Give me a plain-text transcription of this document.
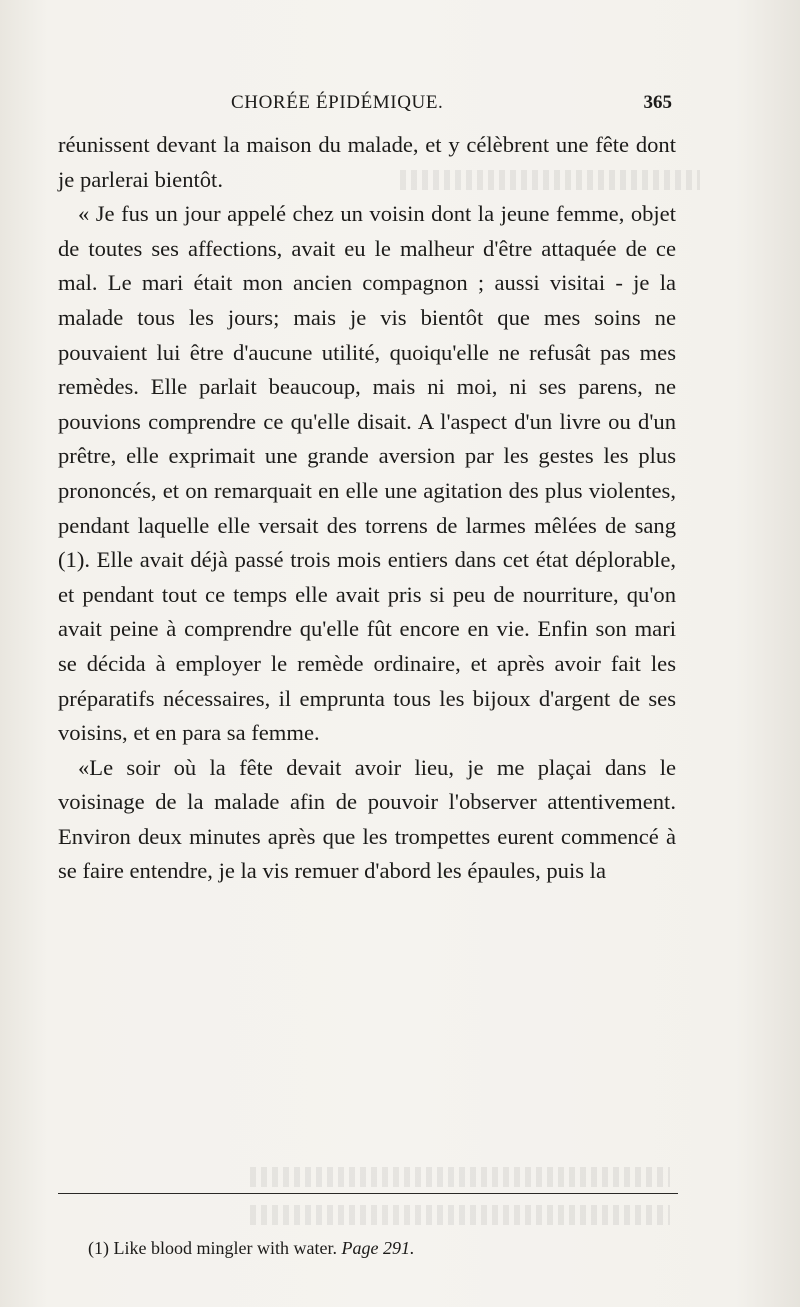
CHORÉE ÉPIDÉMIQUE.	365

réunissent devant la maison du malade, et y célèbrent une fête dont je parlerai bientôt.

« Je fus un jour appelé chez un voisin dont la jeune femme, objet de toutes ses affections, avait eu le malheur d'être attaquée de ce mal. Le mari était mon ancien compagnon ; aussi visitai - je la malade tous les jours; mais je vis bientôt que mes soins ne pouvaient lui être d'aucune utilité, quoiqu'elle ne refusât pas mes remèdes. Elle parlait beaucoup, mais ni moi, ni ses parens, ne pouvions comprendre ce qu'elle disait. A l'aspect d'un livre ou d'un prêtre, elle exprimait une grande aversion par les gestes les plus prononcés, et on remarquait en elle une agitation des plus violentes, pendant laquelle elle versait des torrens de larmes mêlées de sang (1). Elle avait déjà passé trois mois entiers dans cet état déplorable, et pendant tout ce temps elle avait pris si peu de nourriture, qu'on avait peine à comprendre qu'elle fût encore en vie. Enfin son mari se décida à employer le remède ordinaire, et après avoir fait les préparatifs nécessaires, il emprunta tous les bijoux d'argent de ses voisins, et en para sa femme.

«Le soir où la fête devait avoir lieu, je me plaçai dans le voisinage de la malade afin de pouvoir l'observer attentivement. Environ deux minutes après que les trompettes eurent commencé à se faire entendre, je la vis remuer d'abord les épaules, puis la

(1) Like blood mingler with water. Page 291.
